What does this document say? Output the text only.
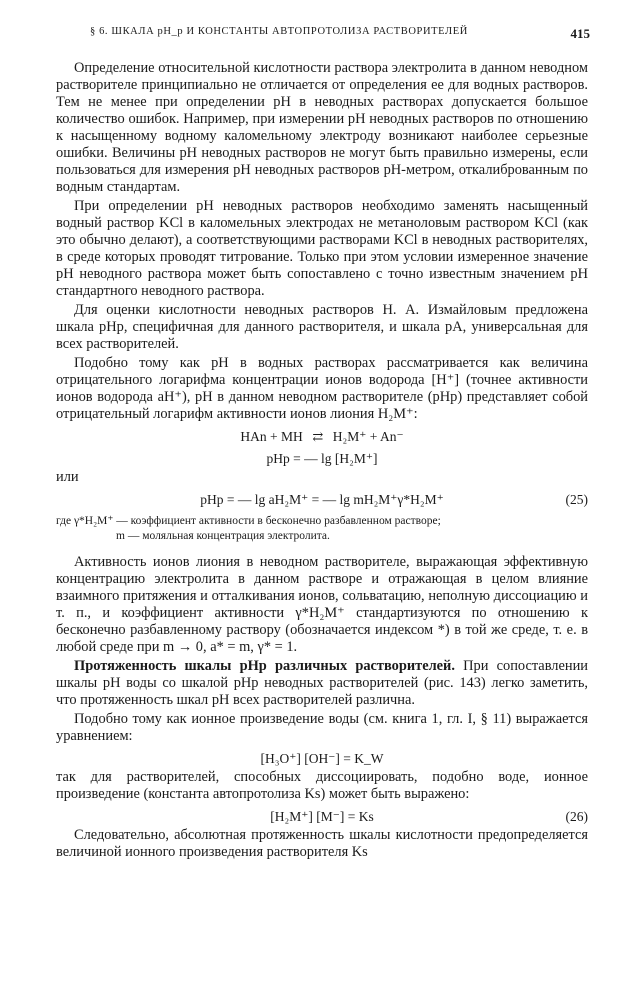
§ 6. ШКАЛА pH_p И КОНСТАНТЫ АВТОПРОТОЛИЗА РАСТВОРИТЕЛЕЙ	415

Определение относительной кислотности раствора электролита в данном неводном растворителе принципиально не отличается от определения ее для водных растворов. Тем не менее при определении pH в неводных растворах допускается большое количество ошибок. Например, при измерении pH неводных растворов по отношению к насыщенному водному каломельному электроду возникают наиболее серьезные ошибки. Величины pH неводных растворов не могут быть правильно измерены, если пользоваться для измерения pH неводных растворов pH-метром, откалиброванным по водным стандартам.

При определении pH неводных растворов необходимо заменять насыщенный водный раствор KCl в каломельных электродах не метаноловым раствором KCl (как это обычно делают), а соответствующими растворами KCl в неводных растворителях, в среде которых проводят титрование. Только при этом условии измеренное значение pH неводного раствора может быть сопоставлено с точно известным значением pH стандартного неводного раствора.

Для оценки кислотности неводных растворов Н. А. Измайловым предложена шкала pHр, специфичная для данного растворителя, и шкала pA, универсальная для всех растворителей.

Подобно тому как pH в водных растворах рассматривается как величина отрицательного логарифма концентрации ионов водорода [H⁺] (точнее активности ионов водорода aH⁺), pH в данном неводном растворителе (pHр) представляет собой отрицательный логарифм активности ионов лиония H₂M⁺:

HAn + MH ⇄ H₂M⁺ + An⁻
pHр = — lg [H₂M⁺]

или

pHр = — lg aH₂M⁺ = — lg mH₂M⁺γ*H₂M⁺	(25)
где γ*H₂M⁺ — коэффициент активности в бесконечно разбавленном растворе;
m — моляльная концентрация электролита.

Активность ионов лиония в неводном растворителе, выражающая эффективную концентрацию электролита в данном растворе и отражающая в целом влияние взаимного притяжения и отталкивания ионов, сольватацию, неполную диссоциацию и т. п., и коэффициент активности γ*H₂M⁺ стандартизуются по отношению к бесконечно разбавленному раствору (обозначается индексом *) в той же среде, т. е. в любой среде при m → 0, a* = m, γ* = 1.

Протяженность шкалы pHр различных растворителей. При сопоставлении шкалы pH воды со шкалой pHр неводных растворителей (рис. 143) легко заметить, что протяженность шкал pH всех растворителей различна.

Подобно тому как ионное произведение воды (см. книга 1, гл. I, § 11) выражается уравнением:

[H₃O⁺] [OH⁻] = K_W

так для растворителей, способных диссоциировать, подобно воде, ионное произведение (константа автопротолиза Ks) может быть выражено:

[H₂M⁺] [M⁻] = Ks	(26)

Следовательно, абсолютная протяженность шкалы кислотности предопределяется величиной ионного произведения растворителя Ks
